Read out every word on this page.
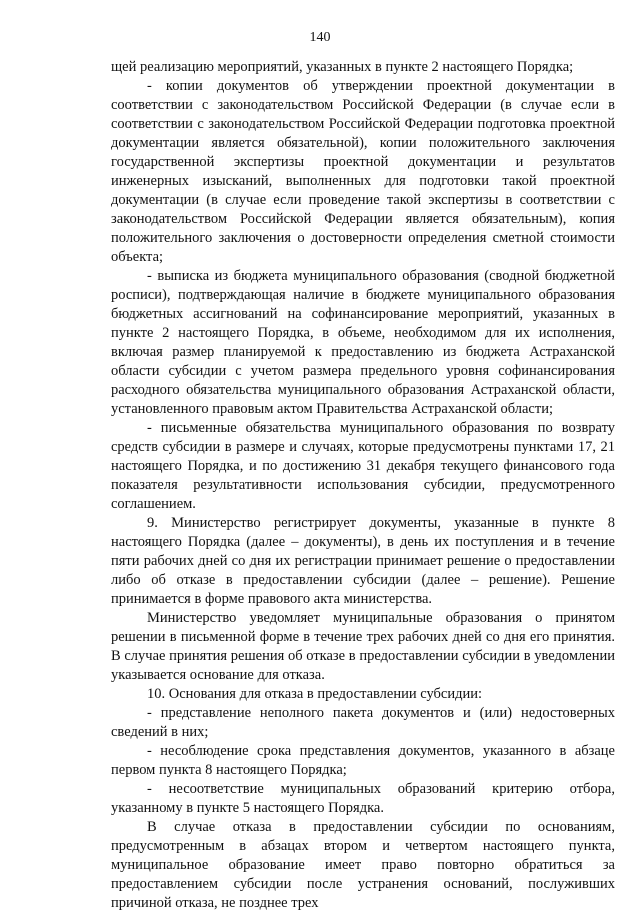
140

щей реализацию мероприятий, указанных в пункте 2 настоящего Порядка;

- копии документов об утверждении проектной документации в соответствии с законодательством Российской Федерации (в случае если в соответствии с законодательством Российской Федерации подготовка проектной документации является обязательной), копии положительного заключения государственной экспертизы проектной документации и результатов инженерных изысканий, выполненных для подготовки такой проектной документации (в случае если проведение такой экспертизы в соответствии с законодательством Российской Федерации является обязательным), копия положительного заключения о достоверности определения сметной стоимости объекта;

- выписка из бюджета муниципального образования (сводной бюджетной росписи), подтверждающая наличие в бюджете муниципального образования бюджетных ассигнований на софинансирование мероприятий, указанных в пункте 2 настоящего Порядка, в объеме, необходимом для их исполнения, включая размер планируемой к предоставлению из бюджета Астраханской области субсидии с учетом размера предельного уровня софинансирования расходного обязательства муниципального образования Астраханской области, установленного правовым актом Правительства Астраханской области;

- письменные обязательства муниципального образования по возврату средств субсидии в размере и случаях, которые предусмотрены пунктами 17, 21 настоящего Порядка, и по достижению 31 декабря текущего финансового года показателя результативности использования субсидии, предусмотренного соглашением.

9. Министерство регистрирует документы, указанные в пункте 8 настоящего Порядка (далее – документы), в день их поступления и в течение пяти рабочих дней со дня их регистрации принимает решение о предоставлении либо об отказе в предоставлении субсидии (далее – решение). Решение принимается в форме правового акта министерства.

Министерство уведомляет муниципальные образования о принятом решении в письменной форме в течение трех рабочих дней со дня его принятия. В случае принятия решения об отказе в предоставлении субсидии в уведомлении указывается основание для отказа.

10. Основания для отказа в предоставлении субсидии:

- представление неполного пакета документов и (или) недостоверных сведений в них;

- несоблюдение срока представления документов, указанного в абзаце первом пункта 8 настоящего Порядка;

- несоответствие муниципальных образований критерию отбора, указанному в пункте 5 настоящего Порядка.

В случае отказа в предоставлении субсидии по основаниям, предусмотренным в абзацах втором и четвертом настоящего пункта, муниципальное образование имеет право повторно обратиться за предоставлением субсидии после устранения оснований, послуживших причиной отказа, не позднее трех
